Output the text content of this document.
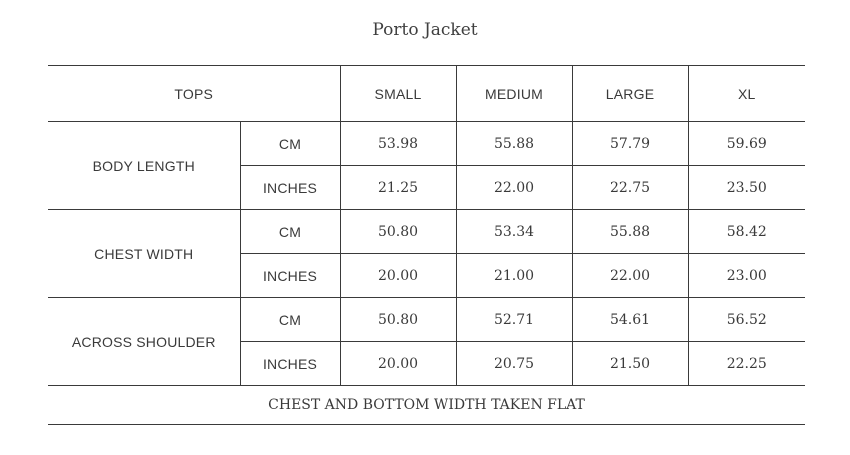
Porto Jacket
TOPS		SMALL	MEDIUM	LARGE	XL
BODY LENGTH	CM	53.98	55.88	57.79	59.69
	INCHES	21.25	22.00	22.75	23.50
CHEST WIDTH	CM	50.80	53.34	55.88	58.42
	INCHES	20.00	21.00	22.00	23.00
ACROSS SHOULDER	CM	50.80	52.71	54.61	56.52
	INCHES	20.00	20.75	21.50	22.25
CHEST AND BOTTOM WIDTH TAKEN FLAT					
